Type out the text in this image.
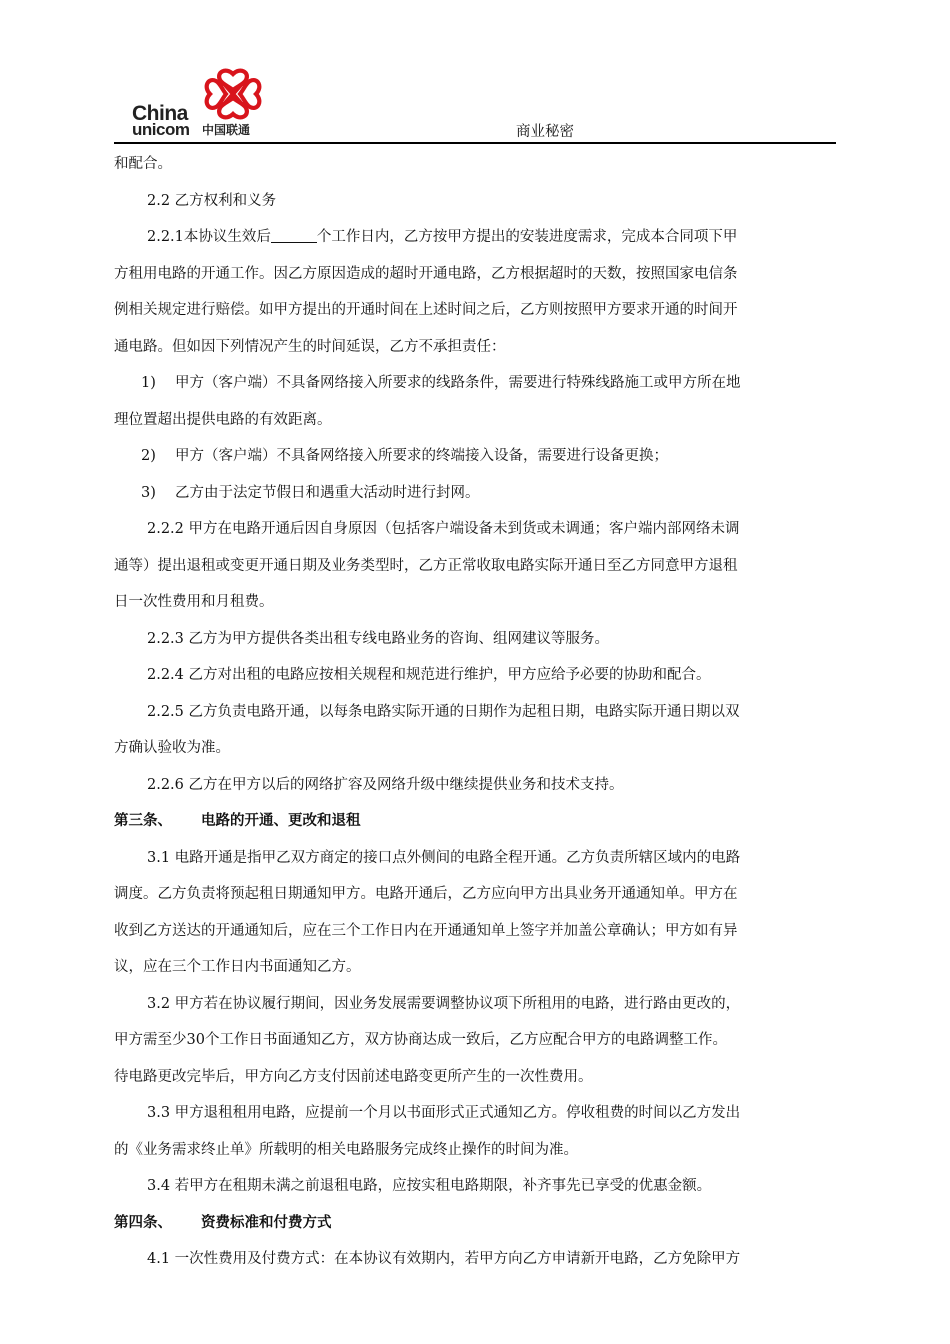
China
unicom 中国联通	商业秘密

和配合。

2.2 乙方权利和义务

2.2.1本协议生效后	个工作日内，乙方按甲方提出的安装进度需求，完成本合同项下甲

方租用电路的开通工作。因乙方原因造成的超时开通电路，乙方根据超时的天数，按照国家电信条

例相关规定进行赔偿。如甲方提出的开通时间在上述时间之后，乙方则按照甲方要求开通的时间开

通电路。但如因下列情况产生的时间延误，乙方不承担责任：

1) 甲方（客户端）不具备网络接入所要求的线路条件，需要进行特殊线路施工或甲方所在地

理位置超出提供电路的有效距离。

2) 甲方（客户端）不具备网络接入所要求的终端接入设备，需要进行设备更换；

3) 乙方由于法定节假日和遇重大活动时进行封网。

2.2.2 甲方在电路开通后因自身原因（包括客户端设备未到货或未调通；客户端内部网络未调

通等）提出退租或变更开通日期及业务类型时，乙方正常收取电路实际开通日至乙方同意甲方退租

日一次性费用和月租费。

2.2.3 乙方为甲方提供各类出租专线电路业务的咨询、组网建议等服务。

2.2.4 乙方对出租的电路应按相关规程和规范进行维护，甲方应给予必要的协助和配合。

2.2.5 乙方负责电路开通，以每条电路实际开通的日期作为起租日期，电路实际开通日期以双

方确认验收为准。

2.2.6 乙方在甲方以后的网络扩容及网络升级中继续提供业务和技术支持。

第三条、 电路的开通、更改和退租

3.1 电路开通是指甲乙双方商定的接口点外侧间的电路全程开通。乙方负责所辖区域内的电路

调度。乙方负责将预起租日期通知甲方。电路开通后，乙方应向甲方出具业务开通通知单。甲方在

收到乙方送达的开通通知后，应在三个工作日内在开通通知单上签字并加盖公章确认；甲方如有异

议，应在三个工作日内书面通知乙方。

3.2 甲方若在协议履行期间，因业务发展需要调整协议项下所租用的电路，进行路由更改的，

甲方需至少30个工作日书面通知乙方，双方协商达成一致后，乙方应配合甲方的电路调整工作。

待电路更改完毕后，甲方向乙方支付因前述电路变更所产生的一次性费用。

3.3 甲方退租租用电路，应提前一个月以书面形式正式通知乙方。停收租费的时间以乙方发出

的《业务需求终止单》所载明的相关电路服务完成终止操作的时间为准。

3.4 若甲方在租期未满之前退租电路，应按实租电路期限，补齐事先已享受的优惠金额。

第四条、 资费标准和付费方式

4.1 一次性费用及付费方式：在本协议有效期内，若甲方向乙方申请新开电路，乙方免除甲方
